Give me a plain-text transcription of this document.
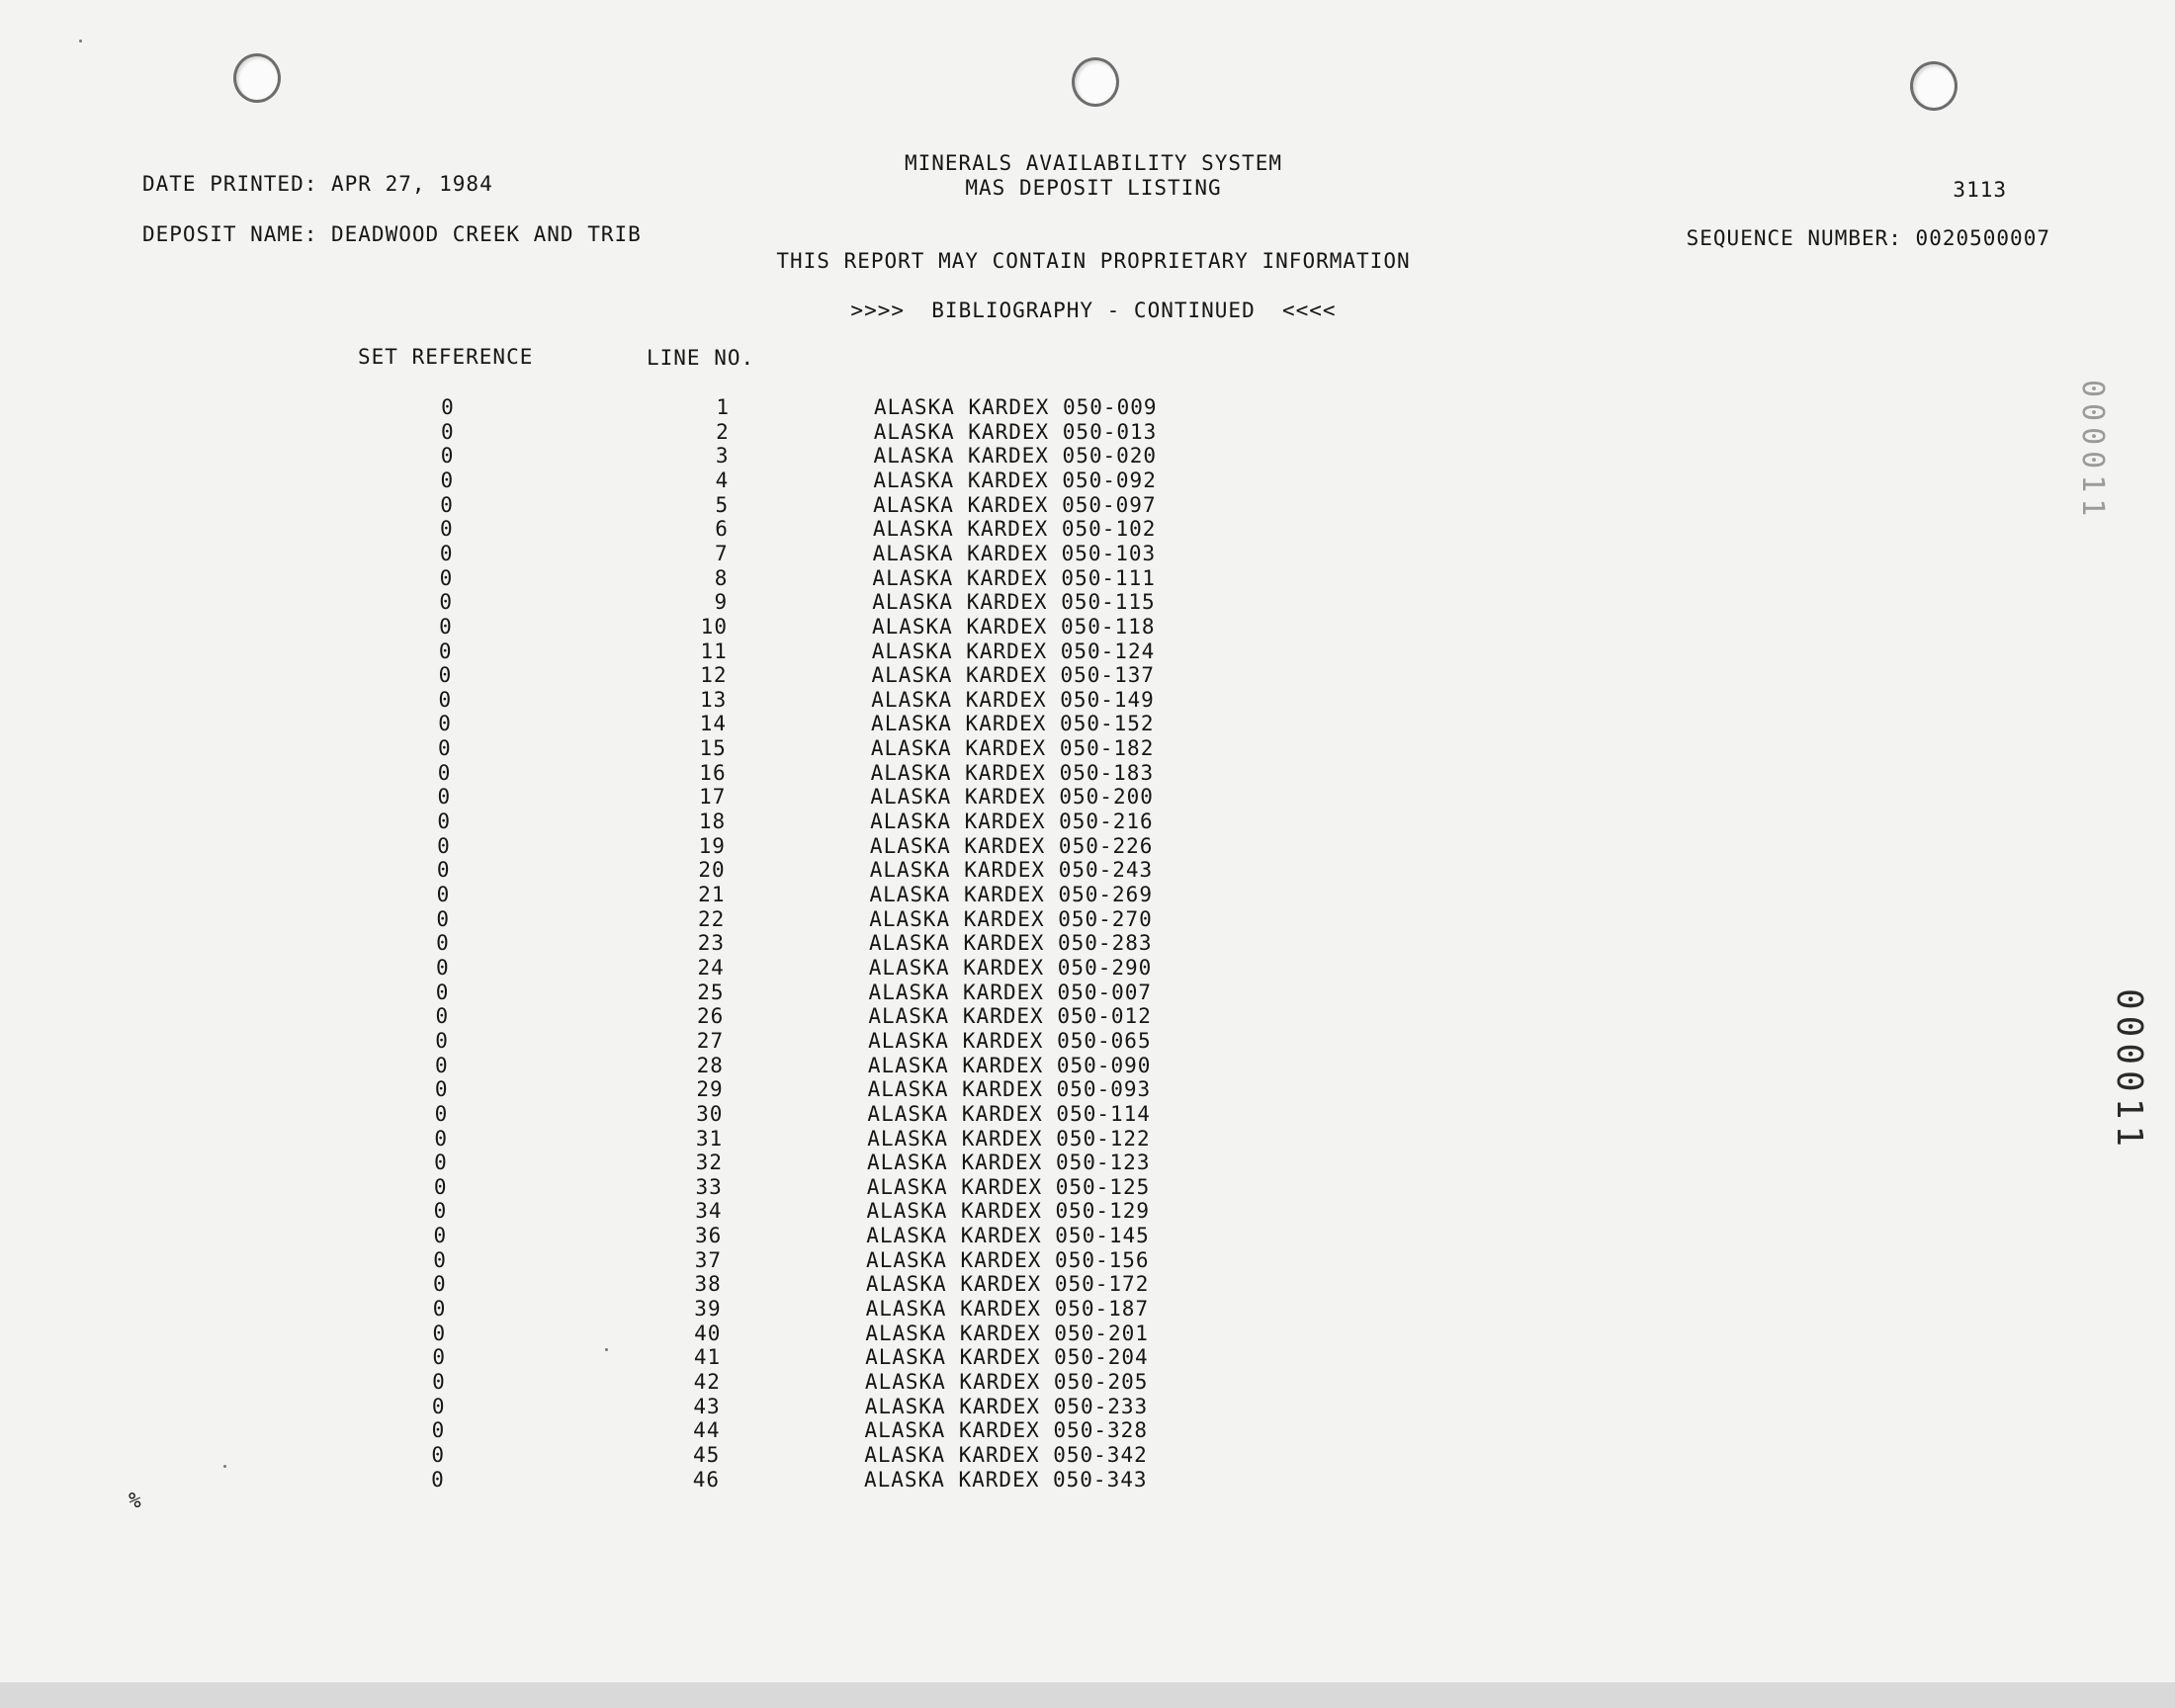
DATE PRINTED: APR 27, 1984
MINERALS AVAILABILITY SYSTEM
MAS DEPOSIT LISTING	3113
DEPOSIT NAME: DEADWOOD CREEK AND TRIB	SEQUENCE NUMBER: 0020500007
THIS REPORT MAY CONTAIN PROPRIETARY INFORMATION
>>>>  BIBLIOGRAPHY - CONTINUED  <<<<
SET REFERENCE	LINE NO.
0	1	ALASKA KARDEX 050-009
0	2	ALASKA KARDEX 050-013
0	3	ALASKA KARDEX 050-020
0	4	ALASKA KARDEX 050-092
0	5	ALASKA KARDEX 050-097
0	6	ALASKA KARDEX 050-102
0	7	ALASKA KARDEX 050-103
0	8	ALASKA KARDEX 050-111
0	9	ALASKA KARDEX 050-115
0	10	ALASKA KARDEX 050-118
0	11	ALASKA KARDEX 050-124
0	12	ALASKA KARDEX 050-137
0	13	ALASKA KARDEX 050-149
0	14	ALASKA KARDEX 050-152
0	15	ALASKA KARDEX 050-182
0	16	ALASKA KARDEX 050-183
0	17	ALASKA KARDEX 050-200
0	18	ALASKA KARDEX 050-216
0	19	ALASKA KARDEX 050-226
0	20	ALASKA KARDEX 050-243
0	21	ALASKA KARDEX 050-269
0	22	ALASKA KARDEX 050-270
0	23	ALASKA KARDEX 050-283
0	24	ALASKA KARDEX 050-290
0	25	ALASKA KARDEX 050-007
0	26	ALASKA KARDEX 050-012
0	27	ALASKA KARDEX 050-065
0	28	ALASKA KARDEX 050-090
0	29	ALASKA KARDEX 050-093
0	30	ALASKA KARDEX 050-114
0	31	ALASKA KARDEX 050-122
0	32	ALASKA KARDEX 050-123
0	33	ALASKA KARDEX 050-125
0	34	ALASKA KARDEX 050-129
0	36	ALASKA KARDEX 050-145
0	37	ALASKA KARDEX 050-156
0	38	ALASKA KARDEX 050-172
0	39	ALASKA KARDEX 050-187
0	40	ALASKA KARDEX 050-201
0	41	ALASKA KARDEX 050-204
0	42	ALASKA KARDEX 050-205
0	43	ALASKA KARDEX 050-233
0	44	ALASKA KARDEX 050-328
0	45	ALASKA KARDEX 050-342
0	46	ALASKA KARDEX 050-343
%
000011
000011
